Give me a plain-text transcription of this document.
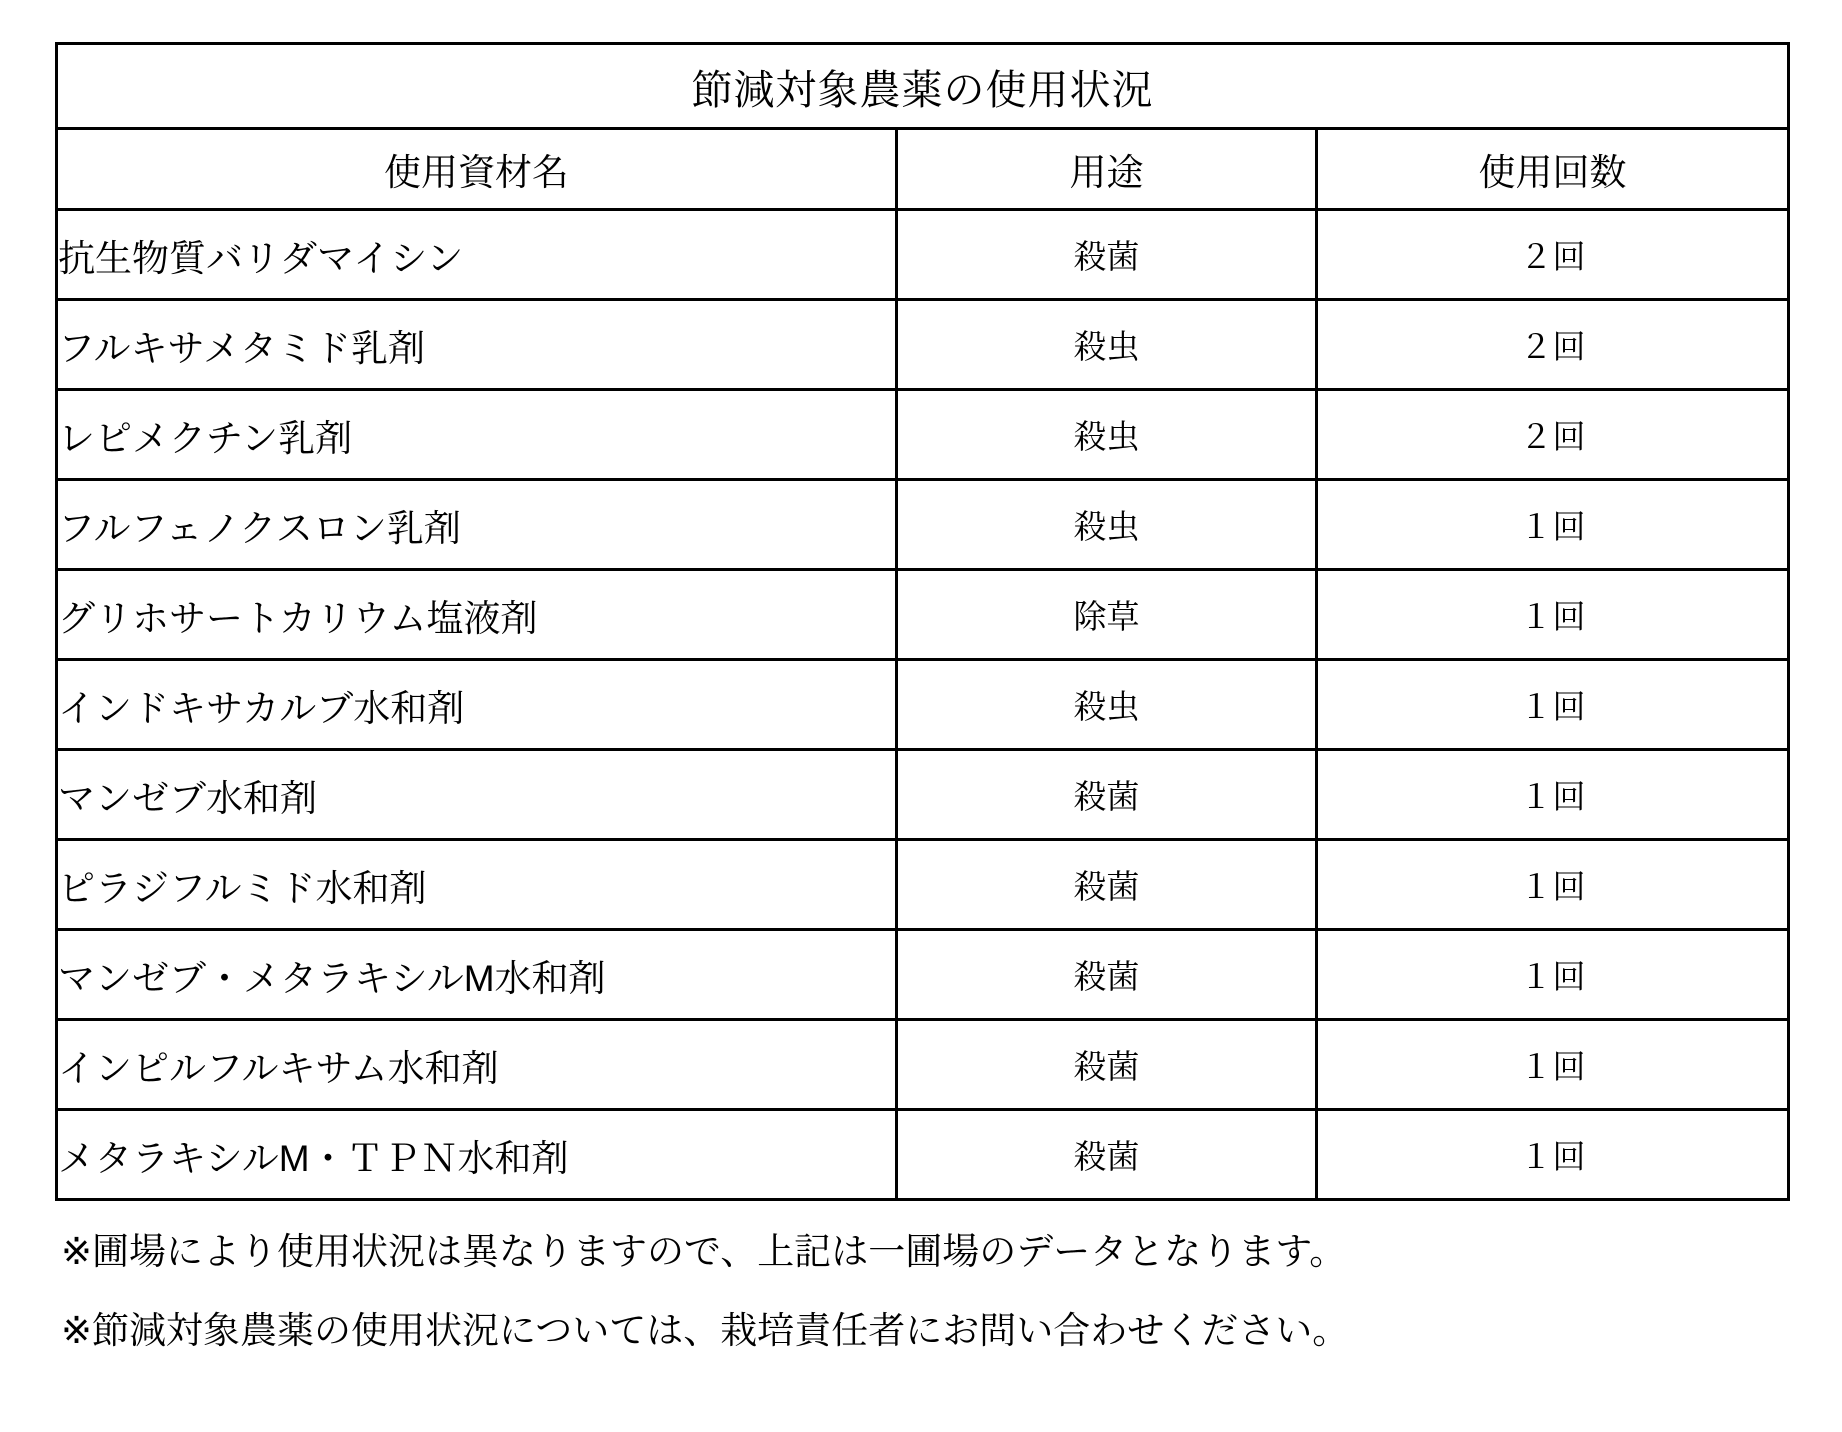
節減対象農薬の使用状況		
使用資材名	用途	使用回数
抗生物質バリダマイシン	殺菌	２回
フルキサメタミド乳剤	殺虫	２回
レピメクチン乳剤	殺虫	２回
フルフェノクスロン乳剤	殺虫	１回
グリホサートカリウム塩液剤	除草	１回
インドキサカルブ水和剤	殺虫	１回
マンゼブ水和剤	殺菌	１回
ピラジフルミド水和剤	殺菌	１回
マンゼブ・メタラキシルM水和剤	殺菌	１回
インピルフルキサム水和剤	殺菌	１回
メタラキシルM・ＴＰＮ水和剤	殺菌	１回
※圃場により使用状況は異なりますので、上記は一圃場のデータとなります。
※節減対象農薬の使用状況については、栽培責任者にお問い合わせください。
